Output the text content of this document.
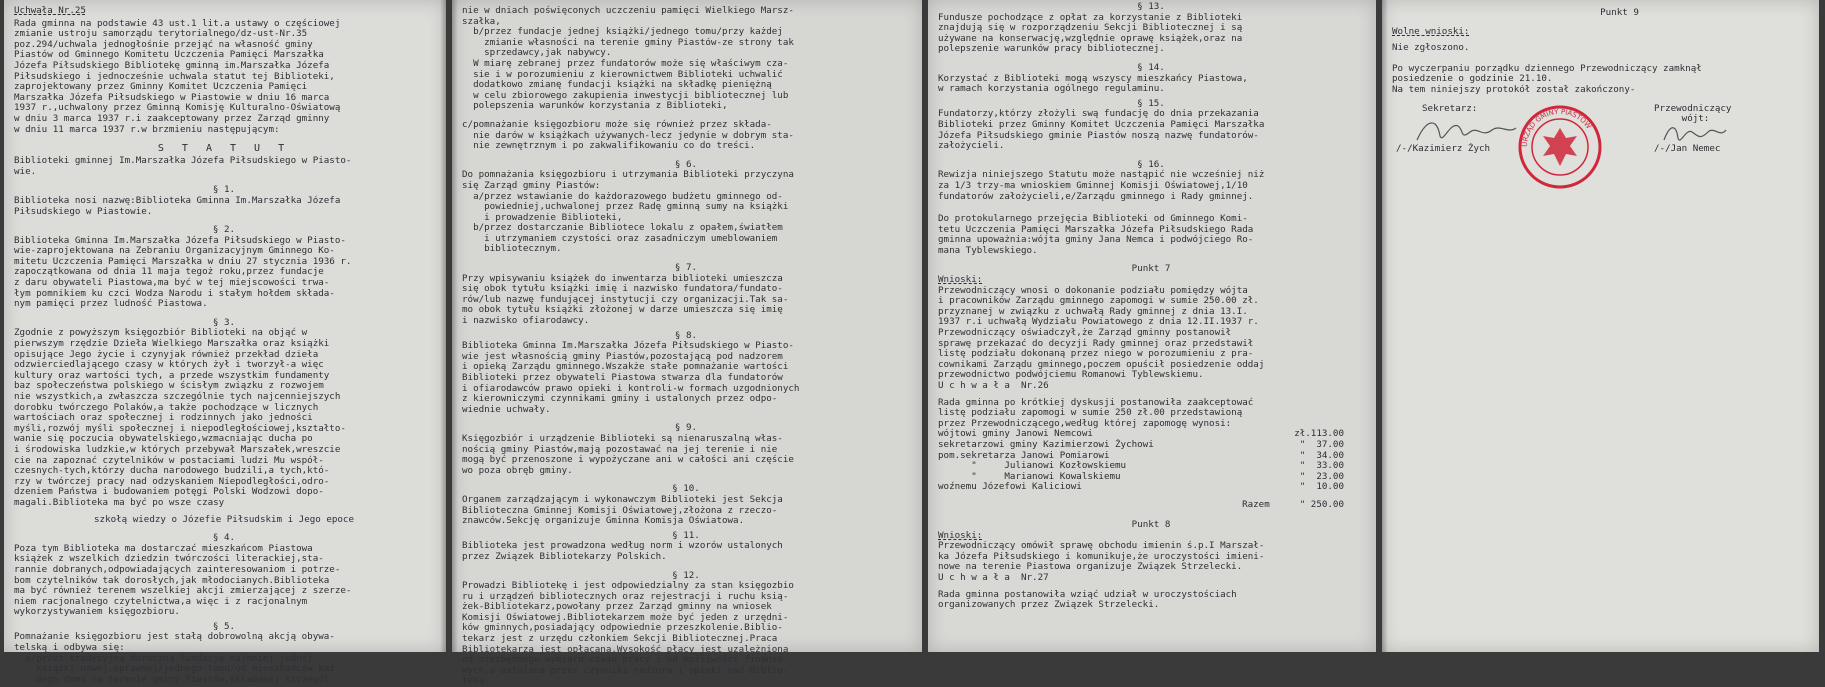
Uchwała Nr.25

Rada gminna na podstawie 43 ust.1 lit.a ustawy o częściowej
zmianie ustroju samorządu terytorialnego/dz-ust-Nr.35
poz.294/uchwala jednogłośnie przejąć na własność gminy
Piastów od Gminnego Komitetu Uczczenia Pamięci Marszałka
Józefa Piłsudskiego Bibliotekę gminną im.Marszałka Józefa
Piłsudskiego i jednocześnie uchwala statut tej Biblioteki,
zaprojektowany przez Gminny Komitet Uczczenia Pamięci
Marszałka Józefa Piłsudskiego w Piastowie w dniu 16 marca
1937 r.,uchwalony przez Gminną Komisję Kulturalno-Oświatową
w dniu 3 marca 1937 r.i zaakceptowany przez Zarząd gminny
w dniu 11 marca 1937 r.w brzmieniu następującym:

S T A T U T

Biblioteki gminnej Im.Marszałka Józefa Piłsudskiego w Piasto-
wie.

§ 1.

Biblioteka nosi nazwę:Biblioteka Gminna Im.Marszałka Józefa
Piłsudskiego w Piastowie.

§ 2.

Biblioteka Gminna Im.Marszałka Józefa Piłsudskiego w Piasto-
wie-zaprojektowana na Zebraniu Organizacyjnym Gminnego Ko-
mitetu Uczczenia Pamięci Marszałka w dniu 27 stycznia 1936 r.
zapoczątkowana od dnia 11 maja tegoż roku,przez fundacje
z daru obywateli Piastowa,ma być w tej miejscowości trwa-
łym pomnikiem ku czci Wodza Narodu i stałym hołdem składa-
nym pamięci przez ludność Piastowa.

§ 3.

Zgodnie z powyższym księgozbiór Biblioteki na objąć w
pierwszym rzędzie Dzieła Wielkiego Marszałka oraz książki
opisujące Jego życie i czynyjak również przekład dzieła
odzwierciedlającego czasy w których żył i tworzył-a więc
kultury oraz wartości tych, a przede wszystkim fundamenty
baz społeczeństwa polskiego w ścisłym związku z rozwojem
nie wszystkich,a zwłaszcza szczególnie tych najcenniejszych
dorobku twórczego Polaków,a także pochodzące w licznych
wartościach oraz społecznej i rodzinnych jako jedności
myśli,rozwój myśli społecznej i niepodległościowej,kształto-
wanie się poczucia obywatelskiego,wzmacniając ducha po
i środowiska ludzkie,w których przebywał Marszałek,wreszcie
cie na zapoznać czytelników w postaciami ludzi Mu współ-
czesnych-tych,którzy ducha narodowego budzili,a tych,któ-
rzy w twórczej pracy nad odzyskaniem Niepodległości,odro-
dzeniem Państwa i budowaniem potęgi Polski Wodzowi dopo-
magali.Biblioteka ma być po wsze czasy

szkołą wiedzy o Józefie Piłsudskim i Jego epoce

§ 4.

Poza tym Biblioteka ma dostarczać mieszkańcom Piastowa
książek z wszelkich dziedzin twórczości literackiej,sta-
rannie dobranych,odpowiadających zainteresowaniom i potrze-
bom czytelników tak dorosłych,jak młodocianych.Biblioteka
ma być również terenem wszelkiej akcji zmierzającej z szerze-
niem racjonalnego czytelnictwa,a więc i z racjonalnym
wykorzystywaniem księgozbioru.

§ 5.

Pomnażanie księgozbioru jest stałą dobrowolną akcją obywa-
telską i odbywa się:
a/przez tradycyjną doroczną fundację najmniej jednej
książki nowej,oprawnej/jednego tomu/od mieszkańców każ-
dego domu na terenie gminy Piastów,składanej szczegól-

nie w dniach poświęconych uczczeniu pamięci Wielkiego Marsz-
szałka,
b/przez fundacje jednej książki/jednego tomu/przy każdej
zmianie własności na terenie gminy Piastów-ze strony tak
sprzedawcy,jak nabywcy.
W miarę zebranej przez fundatorów może się właściwym cza-
sie i w porozumieniu z kierownictwem Biblioteki uchwalić
dodatkowo zmianę fundacji książki na składkę pieniężną
w celu zbiorowego zakupienia inwestycji bibliotecznej lub
polepszenia warunków korzystania z Biblioteki,

c/pomnażanie księgozbioru może się również przez składa-
nie darów w książkach używanych-lecz jedynie w dobrym sta-
nie zewnętrznym i po zakwalifikowaniu co do treści.

§ 6.

Do pomnażania księgozbioru i utrzymania Biblioteki przyczyna
się Zarząd gminy Piastów:
a/przez wstawianie do każdorazowego budżetu gminnego od-
powiedniej,uchwalonej przez Radę gminną sumy na książki
i prowadzenie Biblioteki,
b/przez dostarczanie Bibliotece lokalu z opałem,światłem
i utrzymaniem czystości oraz zasadniczym umeblowaniem
bibliotecznym.

§ 7.

Przy wpisywaniu książek do inwentarza biblioteki umieszcza
się obok tytułu książki imię i nazwisko fundatora/fundato-
rów/lub nazwę fundującej instytucji czy organizacji.Tak sa-
mo obok tytułu książki złożonej w darze umieszcza się imię
i nazwisko ofiarodawcy.

§ 8.

Biblioteka Gminna Im.Marszałka Józefa Piłsudskiego w Piasto-
wie jest własnością gminy Piastów,pozostającą pod nadzorem
i opieką Zarządu gminnego.Wszakże stałe pomnażanie wartości
Biblioteki przez obywateli Piastowa stwarza dla fundatorów
i ofiarodawców prawo opieki i kontroli-w formach uzgodnionych
z kierowniczymi czynnikami gminy i ustalonych przez odpo-
wiednie uchwały.

§ 9.

Księgozbiór i urządzenie Biblioteki są nienaruszalną włas-
nością gminy Piastów,mają pozostawać na jej terenie i nie
mogą być przenoszone i wypożyczane ani w całości ani częście
wo poza obręb gminy.

§ 10.

Organem zarządzającym i wykonawczym Biblioteki jest Sekcja
Biblioteczna Gminnej Komisji Oświatowej,złożona z rzeczo-
znawców.Sekcję organizuje Gminna Komisja Oświatowa.

§ 11.

Biblioteka jest prowadzona według norm i wzorów ustalonych
przez Związek Bibliotekarzy Polskich.

§ 12.

Prowadzi Bibliotekę i jest odpowiedzialny za stan księgozbio
ru i urządzeń bibliotecznych oraz rejestracji i ruchu ksią-
żek-Bibliotekarz,powołany przez Zarząd gminny na wniosek
Komisji Oświatowej.Bibliotekarzem może być jeden z urzędni-
ków gminnych,posiadający odpowiednie przeszkolenie.Biblio-
tekarz jest z urzędu członkiem Sekcji Bibliotecznej.Praca
Bibliotekarza jest opłacana.Wysokość płacy jest uzależniona
od niezbędnego wymiaru czasu pracy i od możliwości finanso-
wych,a ustalana przez czynniki nadzoru i opieki nad Biblio-
teką.

§ 13.

Fundusze pochodzące z opłat za korzystanie z Biblioteki
znajdują się w rozporządzeniu Sekcji Bibliotecznej i są
używane na konserwację,względnie oprawę książek,oraz na
polepszenie warunków pracy bibliotecznej.

§ 14.

Korzystać z Biblioteki mogą wszyscy mieszkańcy Piastowa,
w ramach korzystania ogólnego regulaminu.

§ 15.

Fundatorzy,którzy złożyli swą fundację do dnia przekazania
Biblioteki przez Gminny Komitet Uczczenia Pamięci Marszałka
Józefa Piłsudskiego gminie Piastów noszą nazwę fundatorów-
założycieli.

§ 16.

Rewizja niniejszego Statutu może nastąpić nie wcześniej niż
za 1/3 trzy-ma wnioskiem Gminnej Komisji Oświatowej,1/10
fundatorów założycieli,e/Zarządu gminnego i Rady gminnej.

Do protokularnego przejęcia Biblioteki od Gminnego Komi-
tetu Uczczenia Pamięci Marszałka Józefa Piłsudskiego Rada
gminna upoważnia:wójta gminy Jana Nemca i podwójciego Ro-
mana Tyblewskiego.

Punkt 7

Wnioski:

Przewodniczący wnosi o dokonanie podziału pomiędzy wójta
i pracowników Zarządu gminnego zapomogi w sumie 250.00 zł.
przyznanej w związku z uchwałą Rady gminnej z dnia 13.I.
1937 r.i uchwałą Wydziału Powiatowego z dnia 12.II.1937 r.
Przewodniczący oświadczył,że Zarząd gminny postanowił
sprawę przekazać do decyzji Rady gminnej oraz przedstawił
listę podziału dokonaną przez niego w porozumieniu z pra-
cownikami Zarządu gminnego,poczem opuścił posiedzenie oddaj
przewodnictwo podwójciemu Romanowi Tyblewskiemu.

U c h w a ł a  Nr.26

Rada gminna po krótkiej dyskusji postanowiła zaakceptować
listę podziału zapomogi w sumie 250 zł.00 przedstawioną
przez Przewodniczącego,według której zapomogę wynosi:

wójtowi gminy Janowi Nemcowi	zł.113.00
sekretarzowi gminy Kazimierzowi Żychowi	"  37.00
pom.sekretarza Janowi Pomiarowi	"  34.00
"     Julianowi Kozłowskiemu	"  33.00
"     Marianowi Kowalskiemu	"  23.00
woźnemu Józefowi Kaliciowi	"  10.00
Razem	" 250.00

Punkt 8

Wnioski:

Przewodniczący omówił sprawę obchodu imienin ś.p.I Marszał-
ka Józefa Piłsudskiego i komunikuje,że uroczystości imieni-
nowe na terenie Piastowa organizuje Związek Strzelecki.

U c h w a ł a  Nr.27

Rada gminna postanowiła wziąć udział w uroczystościach
organizowanych przez Związek Strzelecki.

Punkt 9

Wolne wnioski:

Nie zgłoszono.

Po wyczerpaniu porządku dziennego Przewodniczący zamknął
posiedzenie o godzinie 21.10.
Na tem niniejszy protokół został zakończony-

Sekretarz:
/-/Kazimierz Żych	URZĄD GMINY PIASTÓW
Przewodniczący
wójt:
/-/Jan Nemec
